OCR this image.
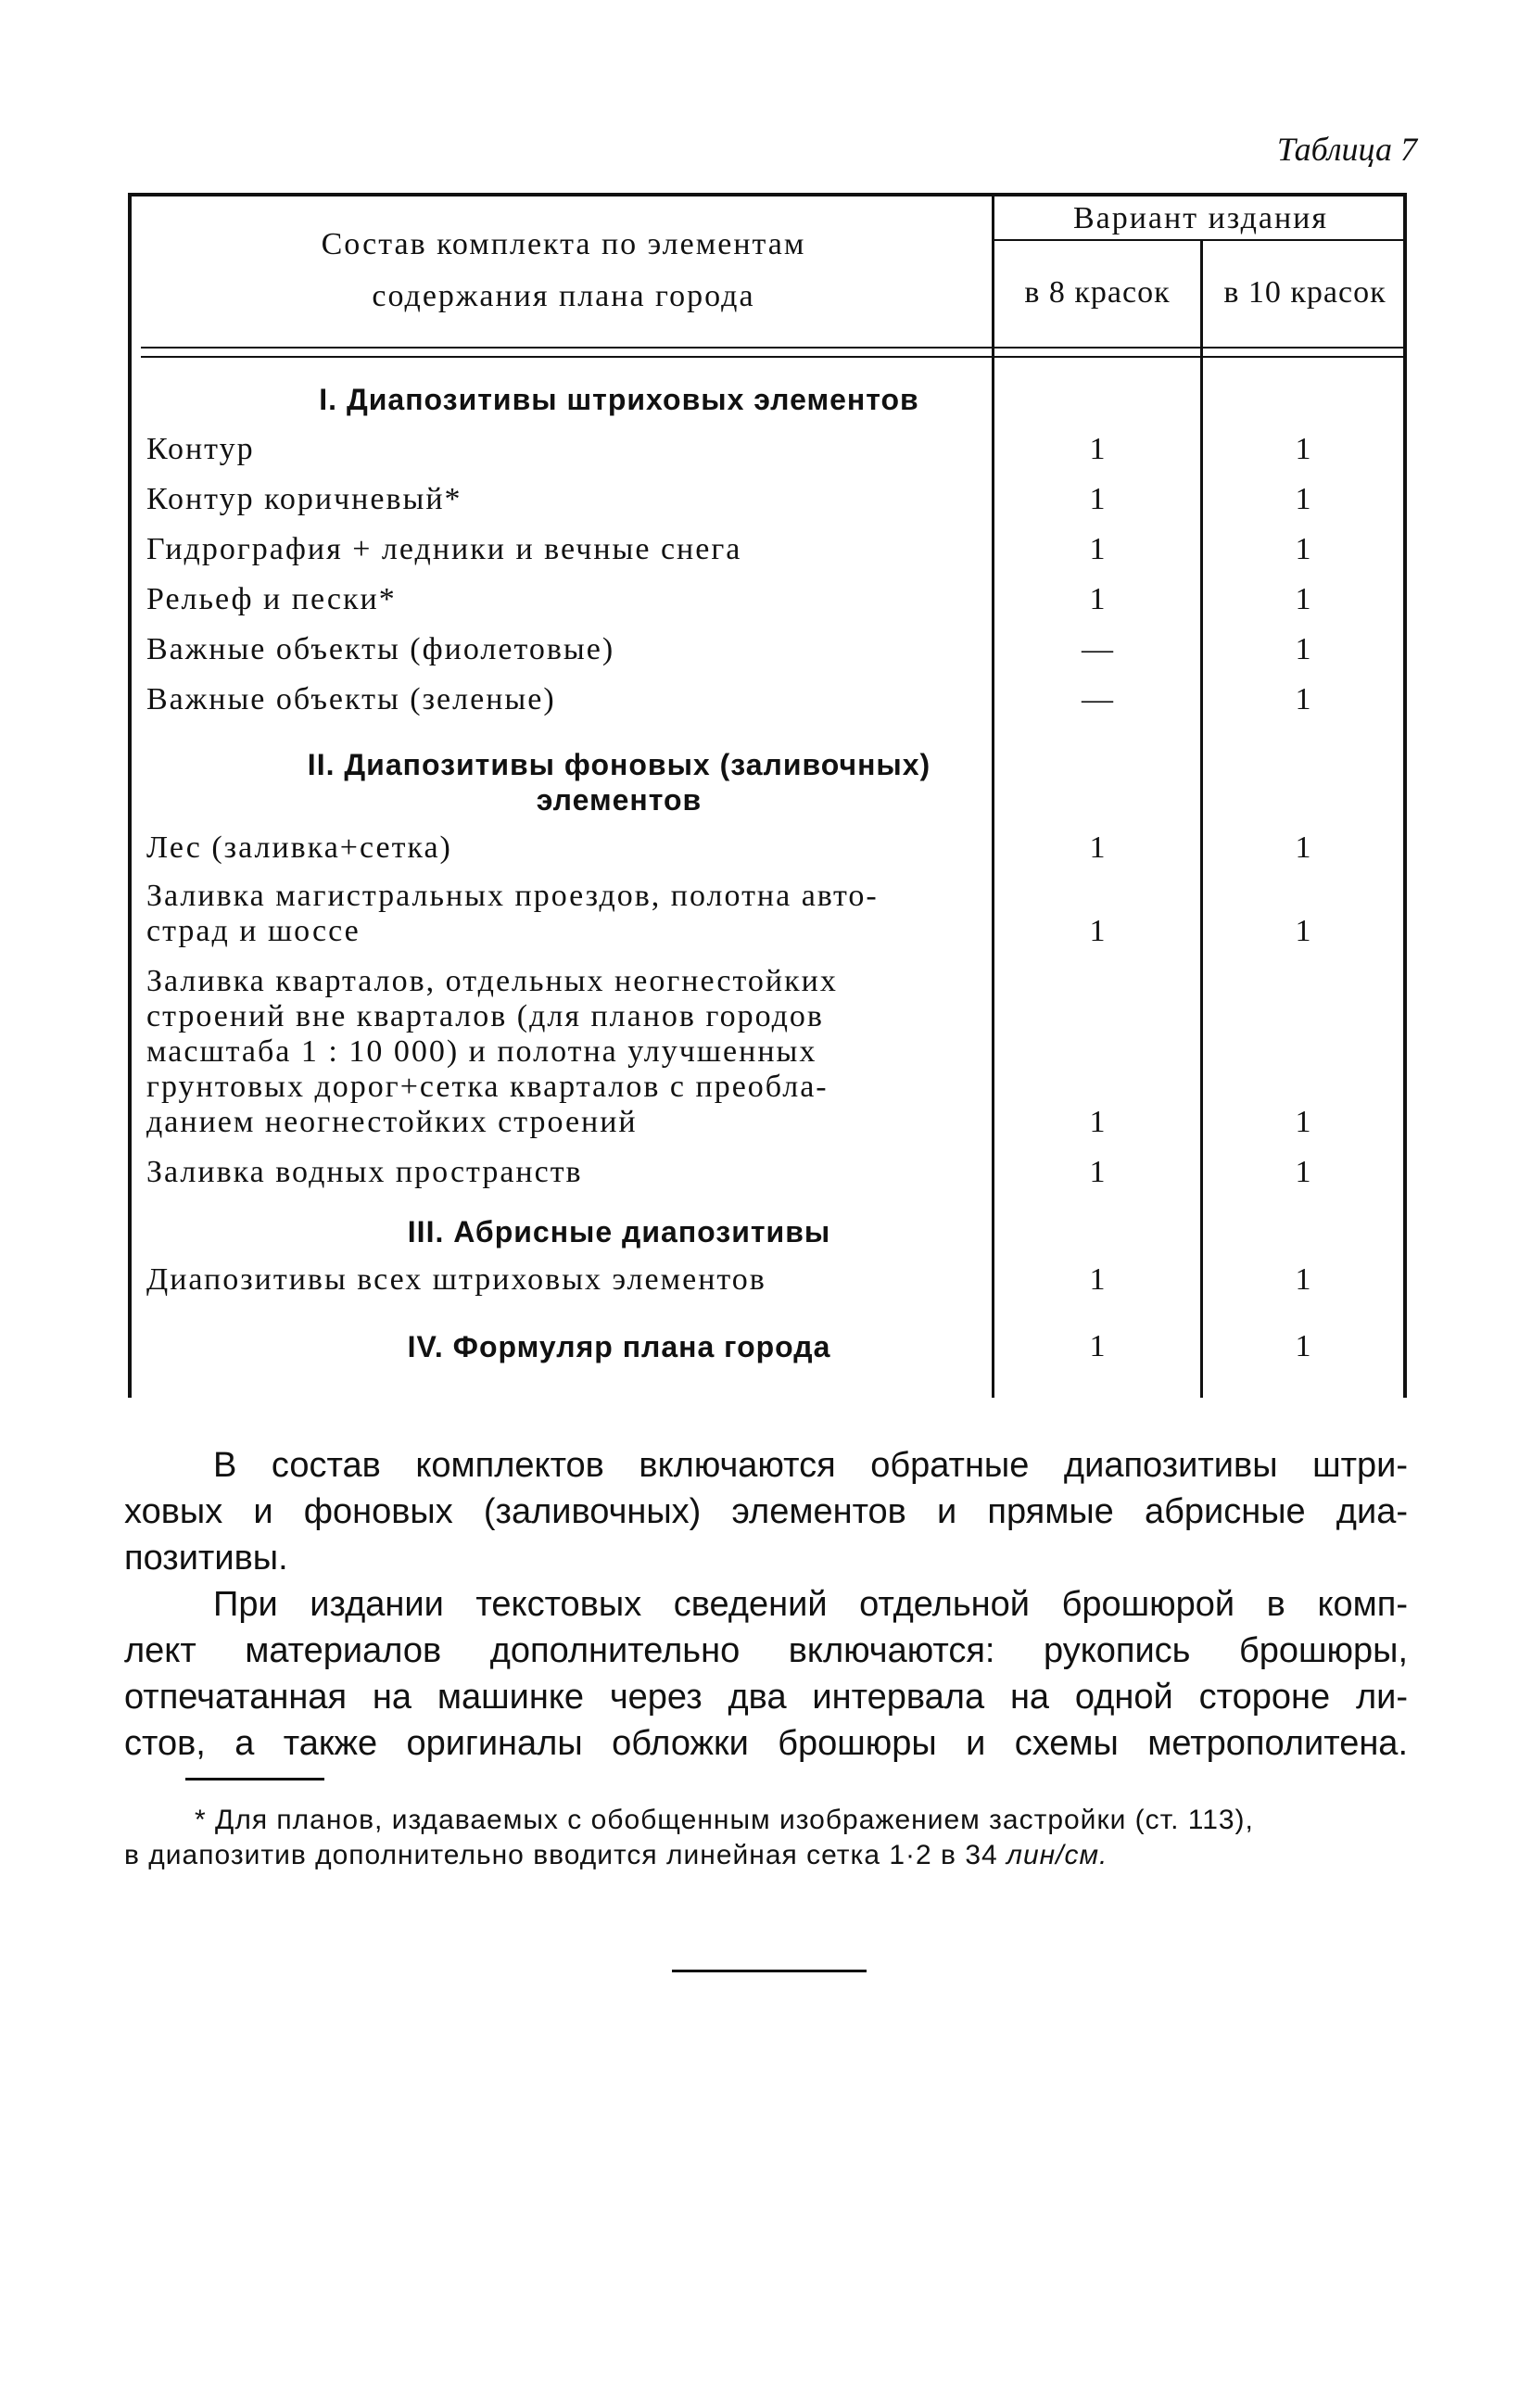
Таблица 7
Состав комплекта по элементам
содержания плана города
Вариант издания
в 8 красок	в 10 красок
I. Диапозитивы штриховых элементов
Контур	1	1
Контур коричневый*	1	1
Гидрография + ледники и вечные снега	1	1
Рельеф и пески*	1	1
Важные объекты (фиолетовые)	—	1
Важные объекты (зеленые)	—	1
II. Диапозитивы фоновых (заливочных)
элементов
Лес (заливка+сетка)	1	1
Заливка магистральных проездов, полотна авто-
страд и шоссе	1	1
Заливка кварталов, отдельных неогнестойких
строений вне кварталов (для планов городов
масштаба 1 : 10 000) и полотна улучшенных
грунтовых дорог+сетка кварталов с преобла-
данием неогнестойких строений	1	1
Заливка водных пространств	1	1
III. Абрисные диапозитивы
Диапозитивы всех штриховых элементов	1	1
IV. Формуляр плана города	1	1
В состав комплектов включаются обратные диапозитивы штри-
ховых и фоновых (заливочных) элементов и прямые абрисные диа-
позитивы.
При издании текстовых сведений отдельной брошюрой в комп-
лект материалов дополнительно включаются: рукопись брошюры,
отпечатанная на машинке через два интервала на одной стороне ли-
стов, а также оригиналы обложки брошюры и схемы метрополитена.
* Для планов, издаваемых с обобщенным изображением застройки (ст. 113),
в диапозитив дополнительно вводится линейная сетка 1·2 в 34 лин/см.
